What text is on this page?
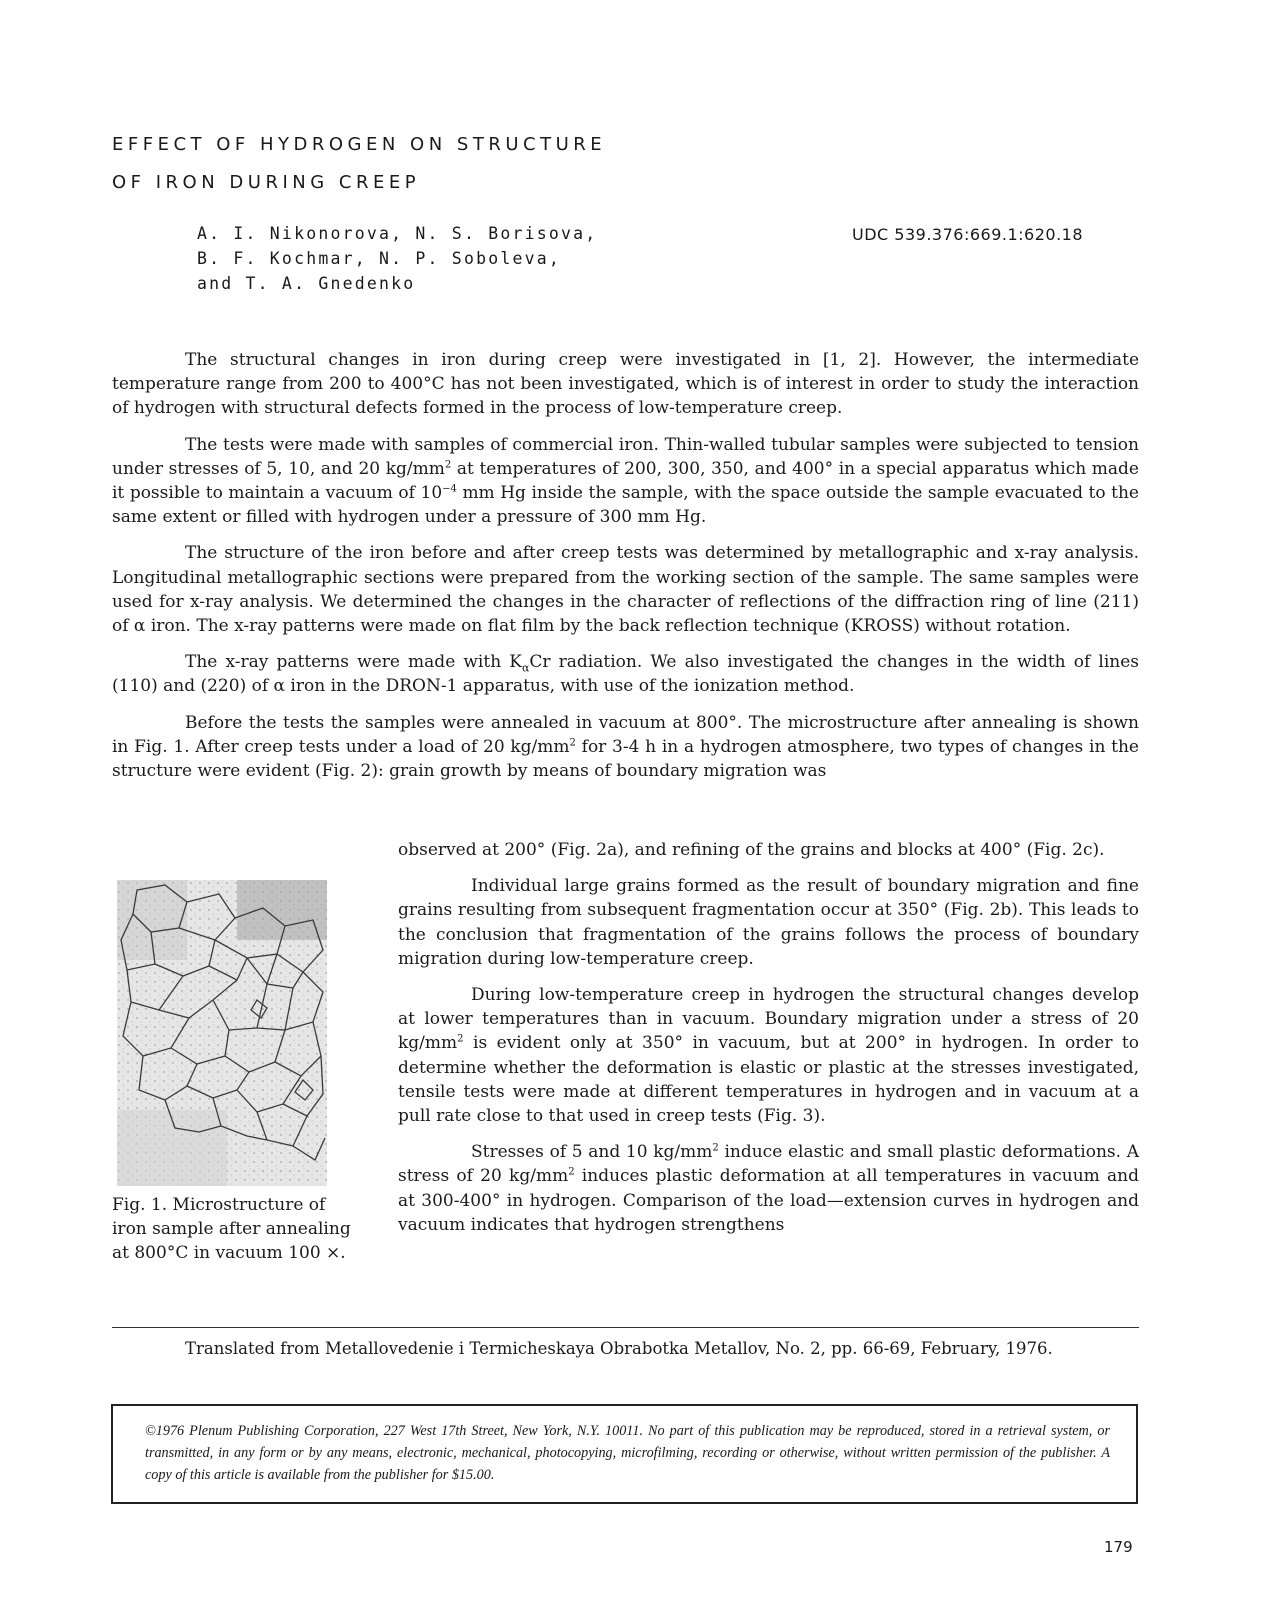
EFFECT OF HYDROGEN ON STRUCTURE
OF IRON DURING CREEP
A. I. Nikonorova, N. S. Borisova,
B. F. Kochmar, N. P. Soboleva,
and T. A. Gnedenko
UDC 539.376:669.1:620.18

The structural changes in iron during creep were investigated in [1, 2]. However, the intermediate temperature range from 200 to 400°C has not been investigated, which is of interest in order to study the interaction of hydrogen with structural defects formed in the process of low-temperature creep.

The tests were made with samples of commercial iron. Thin-walled tubular samples were subjected to tension under stresses of 5, 10, and 20 $kg/mm^2$ at temperatures of 200, 300, 350, and 400° in a special apparatus which made it possible to maintain a vacuum of $10^{-4}$ mm Hg inside the sample, with the space outside the sample evacuated to the same extent or filled with hydrogen under a pressure of 300 mm Hg.

The structure of the iron before and after creep tests was determined by metallographic and x-ray analysis. Longitudinal metallographic sections were prepared from the working section of the sample. The same samples were used for x-ray analysis. We determined the changes in the character of reflections of the diffraction ring of line (211) of α iron. The x-ray patterns were made on flat film by the back reflection technique (KROSS) without rotation.

The x-ray patterns were made with $K_\alpha Cr$ radiation. We also investigated the changes in the width of lines (110) and (220) of α iron in the DRON-1 apparatus, with use of the ionization method.

Before the tests the samples were annealed in vacuum at 800°. The microstructure after annealing is shown in Fig. 1. After creep tests under a load of 20 $kg/mm^2$ for 3-4 h in a hydrogen atmosphere, two types of changes in the structure were evident (Fig. 2): grain growth by means of boundary migration was

observed at 200° (Fig. 2a), and refining of the grains and blocks at 400° (Fig. 2c).

Individual large grains formed as the result of boundary migration and fine grains resulting from subsequent fragmentation occur at 350° (Fig. 2b). This leads to the conclusion that fragmentation of the grains follows the process of boundary migration during low-temperature creep.

During low-temperature creep in hydrogen the structural changes develop at lower temperatures than in vacuum. Boundary migration under a stress of 20 $kg/mm^2$ is evident only at 350° in vacuum, but at 200° in hydrogen. In order to determine whether the deformation is elastic or plastic at the stresses investigated, tensile tests were made at different temperatures in hydrogen and in vacuum at a pull rate close to that used in creep tests (Fig. 3).

Stresses of 5 and 10 $kg/mm^2$ induce elastic and small plastic deformations. A stress of 20 $kg/mm^2$ induces plastic deformation at all temperatures in vacuum and at 300-400° in hydrogen. Comparison of the load—extension curves in hydrogen and vacuum indicates that hydrogen strengthens

Fig. 1. Microstructure of iron sample after annealing at 800°C in vacuum 100 ×.
Translated from Metallovedenie i Termicheskaya Obrabotka Metallov, No. 2, pp. 66-69, February, 1976.
©1976 Plenum Publishing Corporation, 227 West 17th Street, New York, N.Y. 10011. No part of this publication may be reproduced, stored in a retrieval system, or transmitted, in any form or by any means, electronic, mechanical, photocopying, microfilming, recording or otherwise, without written permission of the publisher. A copy of this article is available from the publisher for $15.00.
179
